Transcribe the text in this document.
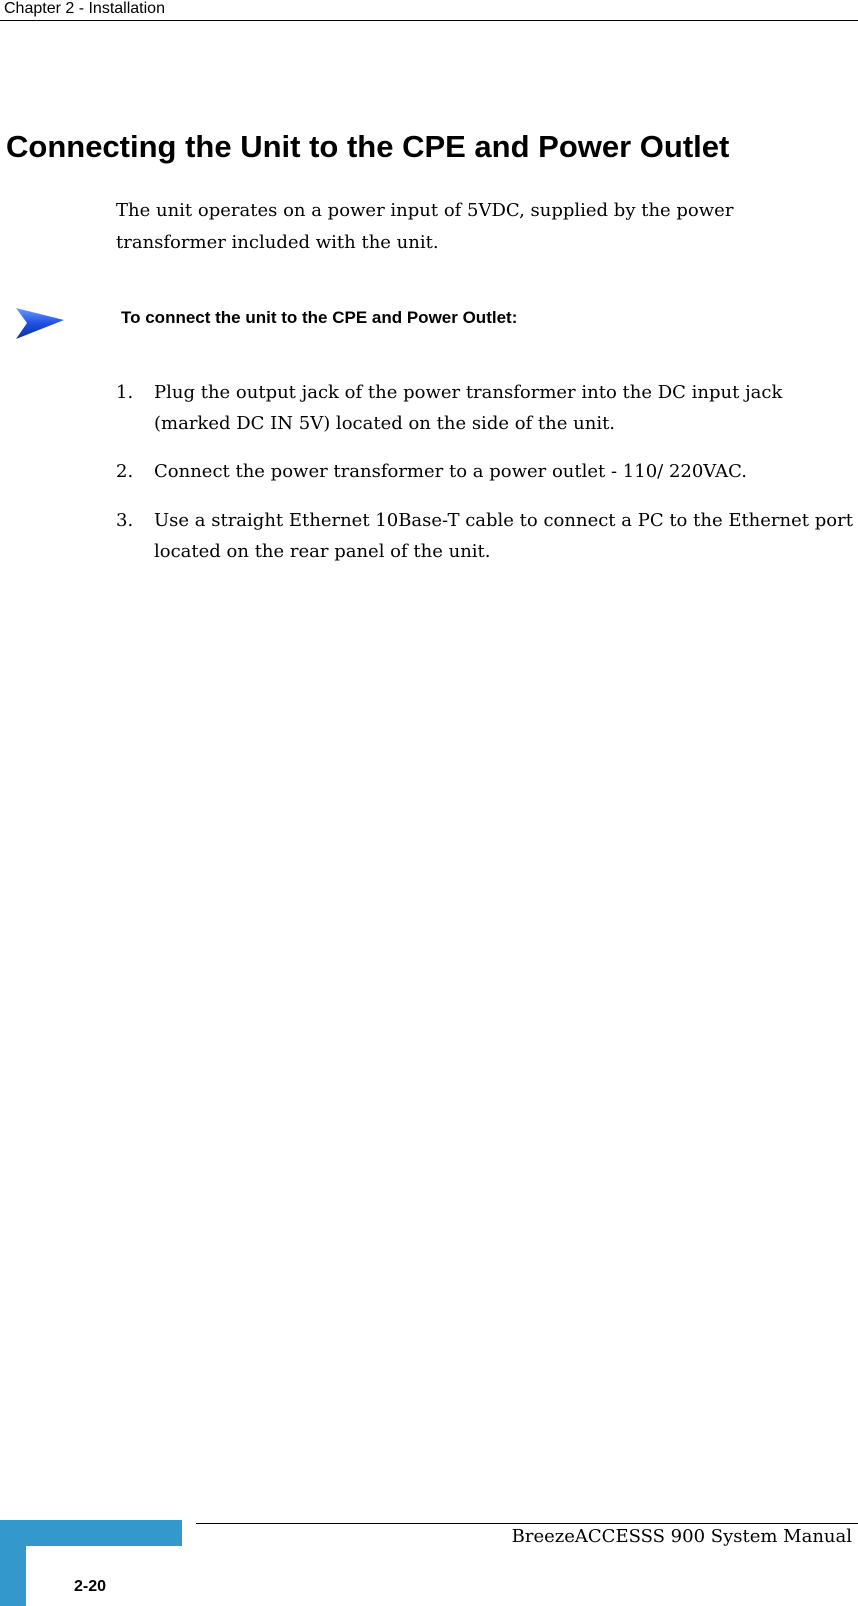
Chapter 2 - Installation
Connecting the Unit to the CPE and Power Outlet

The unit operates on a power input of 5VDC, supplied by the power transformer included with the unit.

To connect the unit to the CPE and Power Outlet:

1. Plug the output jack of the power transformer into the DC input jack (marked DC IN 5V) located on the side of the unit.
2. Connect the power transformer to a power outlet - 110/ 220VAC.
3. Use a straight Ethernet 10Base-T cable to connect a PC to the Ethernet port located on the rear panel of the unit.
BreezeACCESSS 900 System Manual
2-20
